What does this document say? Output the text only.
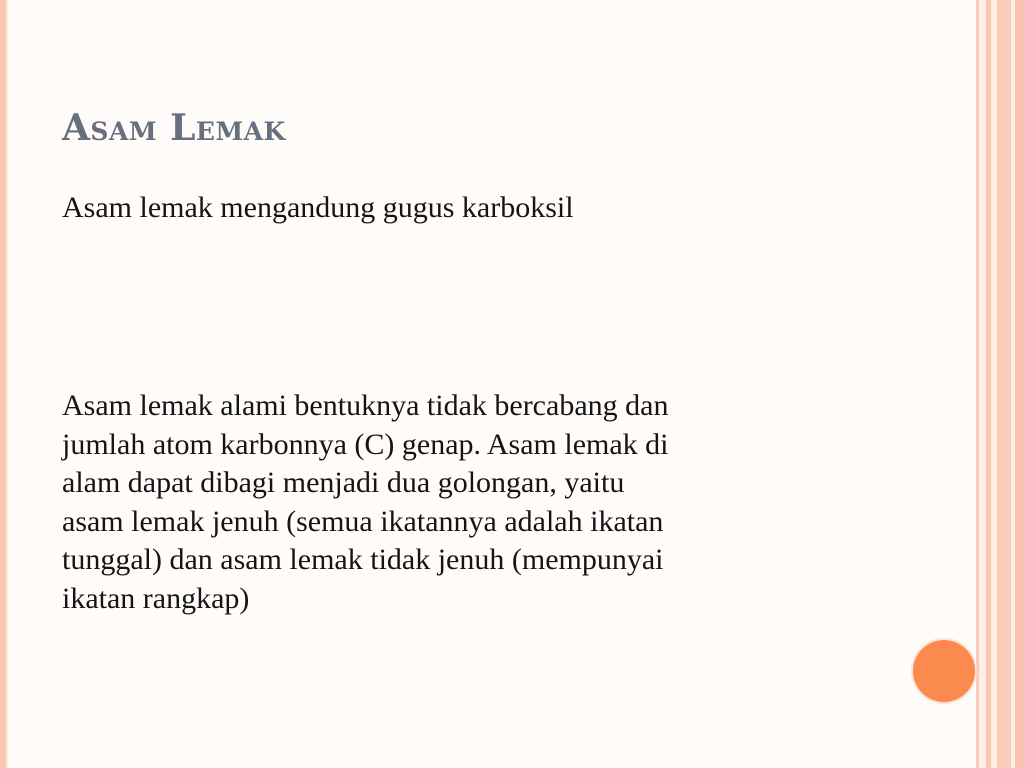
Asam Lemak

Asam lemak mengandung gugus karboksil

Asam lemak alami bentuknya tidak bercabang dan
jumlah atom karbonnya (C) genap. Asam lemak di
alam dapat dibagi menjadi dua golongan, yaitu
asam lemak jenuh (semua ikatannya adalah ikatan
tunggal) dan asam lemak tidak jenuh (mempunyai
ikatan rangkap)
